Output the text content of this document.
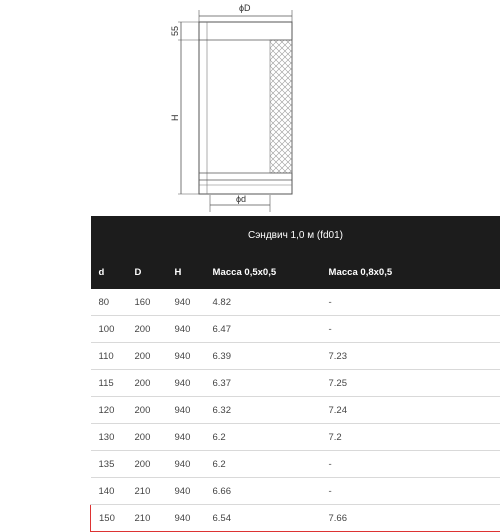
ϕD
55
H
ϕd
Сэндвич 1,0 м (fd01)				
d	D	H	Масса 0,5x0,5	Масса 0,8x0,5
80	160	940	4.82	-
100	200	940	6.47	-
110	200	940	6.39	7.23
115	200	940	6.37	7.25
120	200	940	6.32	7.24
130	200	940	6.2	7.2
135	200	940	6.2	-
140	210	940	6.66	-
150	210	940	6.54	7.66
